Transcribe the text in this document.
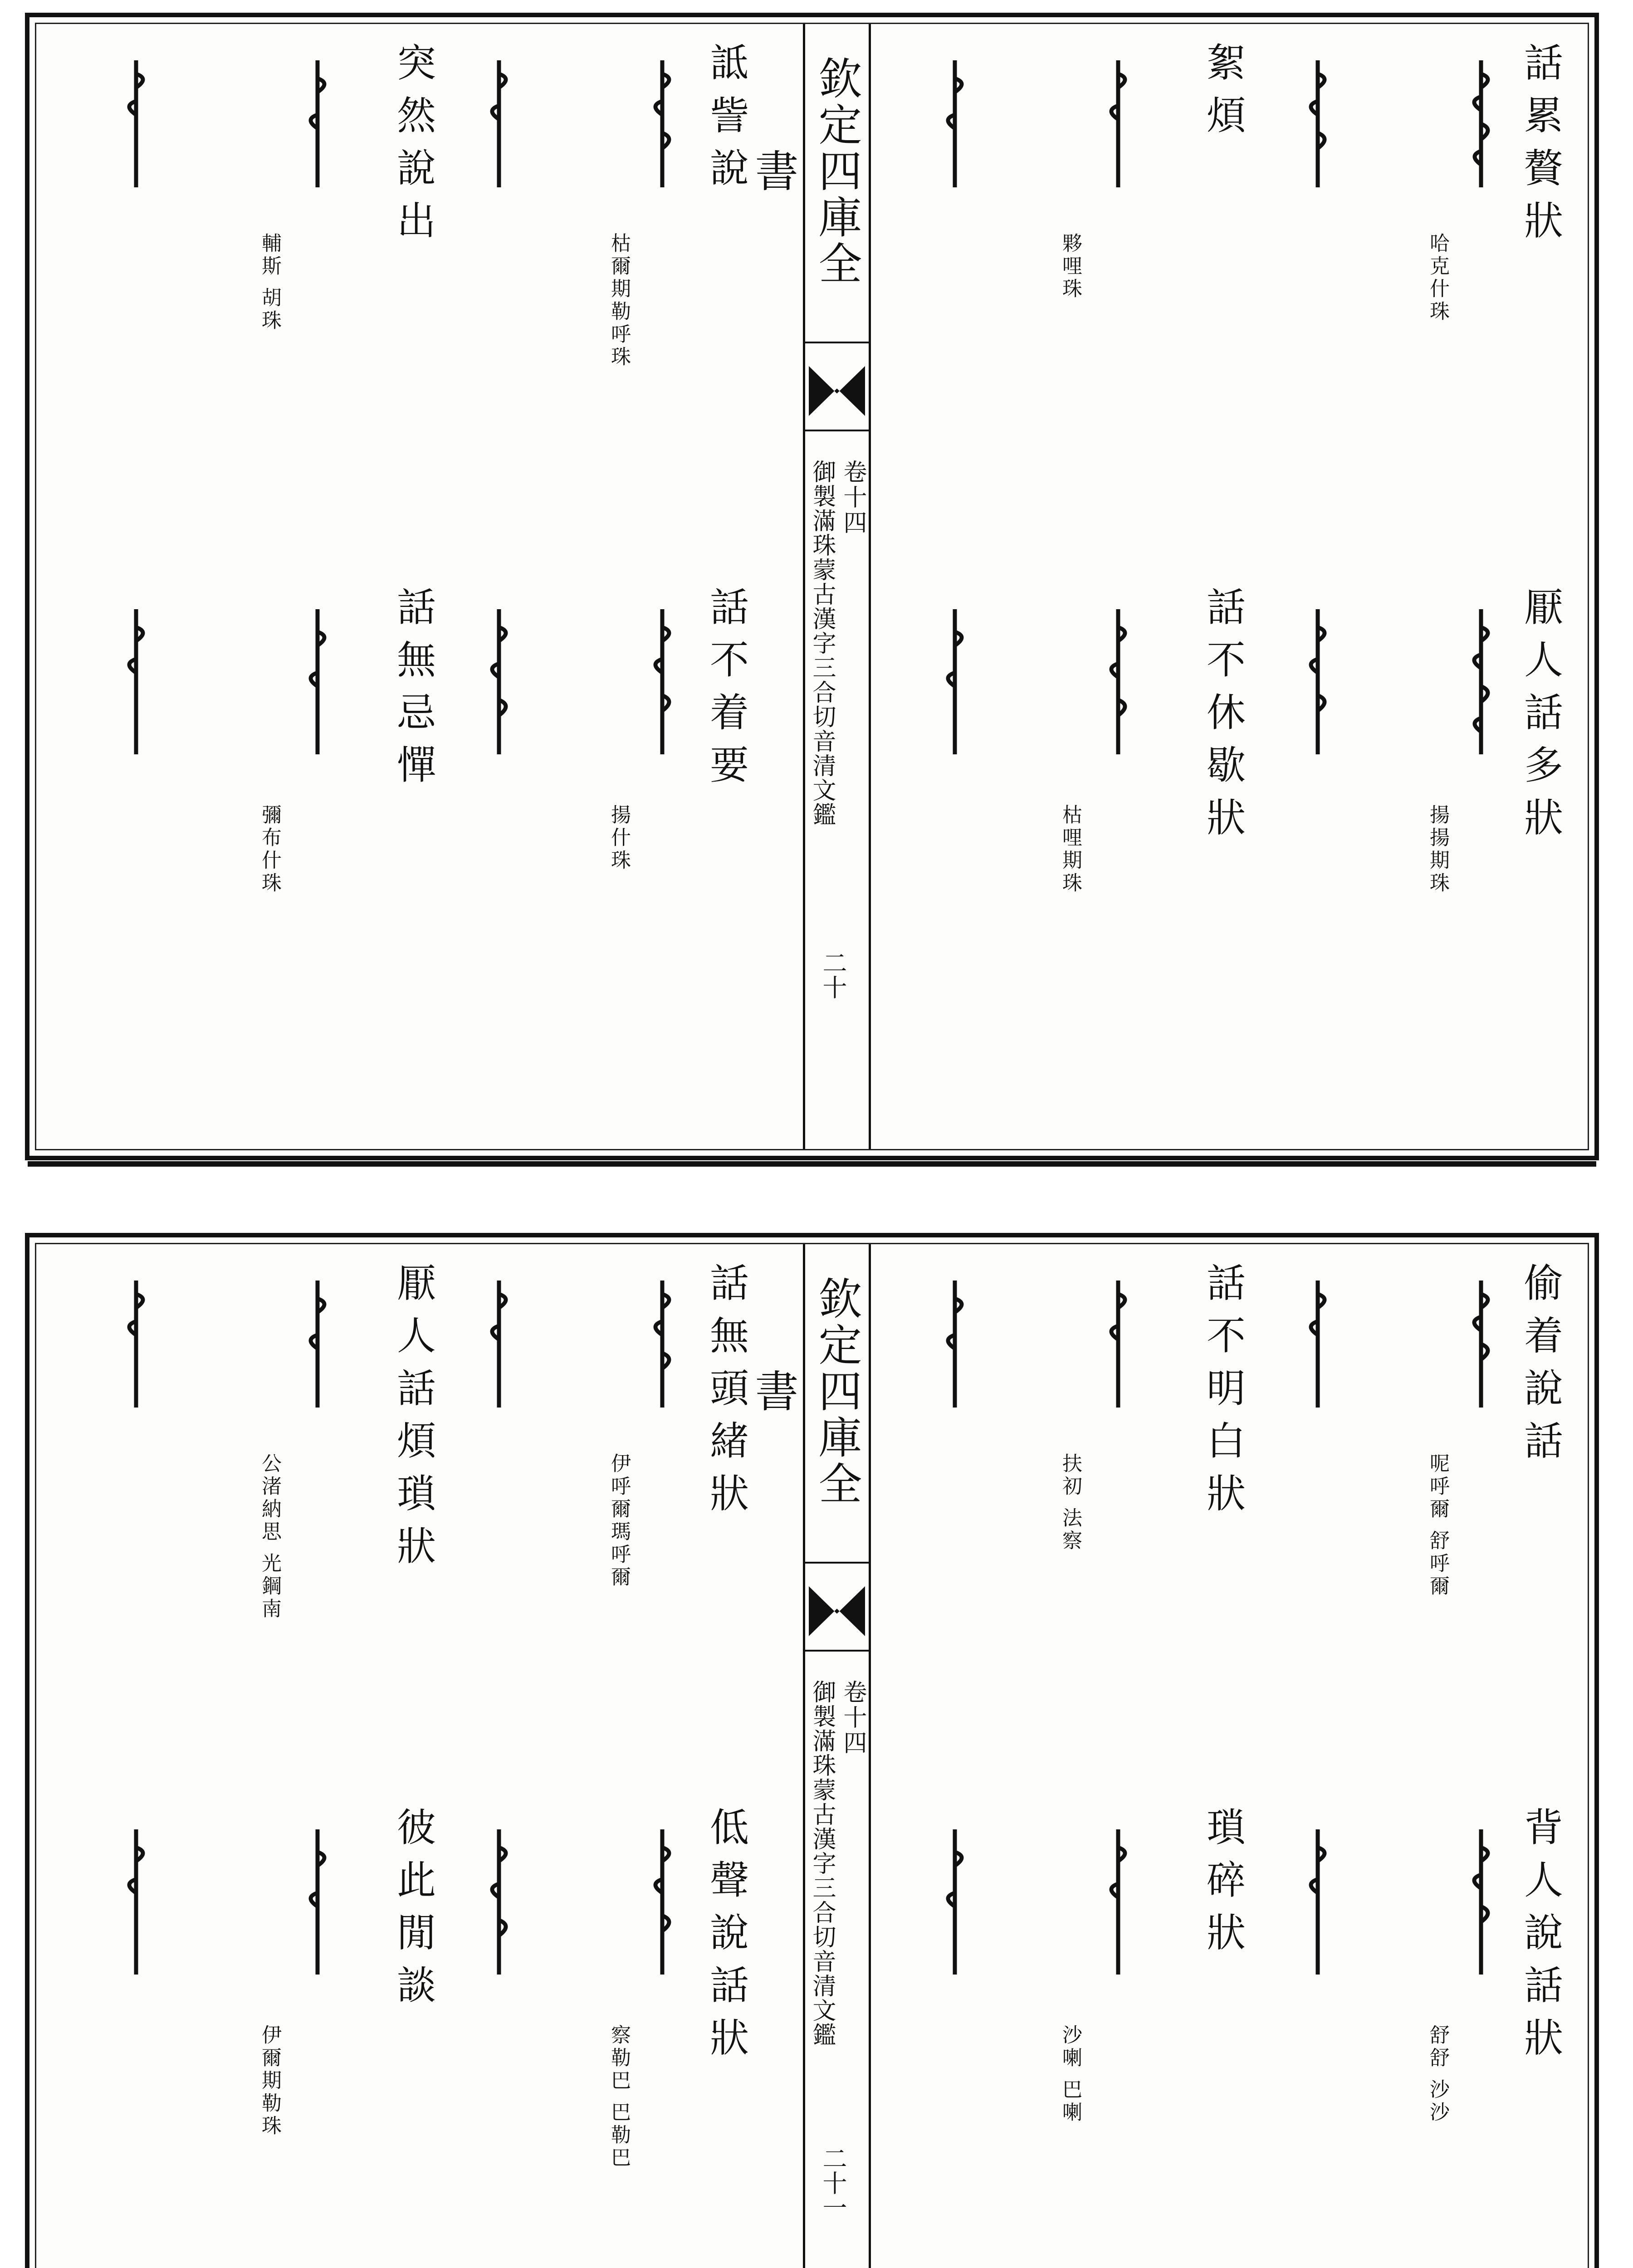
話累贅狀
厭人話多狀
絮煩
話不休歇狀
哈克什珠
揚揚期珠
夥哩珠
枯哩期珠
欽定四庫全書
卷十四
御製滿珠蒙古漢字三合切音清文鑑
二十
詆訾說
話不着要
突然說出
話無忌憚
枯爾期勒呼珠
揚什珠
輔斯 胡珠
彌布什珠
偷着說話
背人說話狀
話不明白狀
瑣碎狀
呢呼爾 舒呼爾
舒舒 沙沙
扶初 法察
沙喇 巴喇
欽定四庫全書
卷十四
御製滿珠蒙古漢字三合切音清文鑑
二十一
話無頭緒狀
低聲說話狀
厭人話煩瑣狀
彼此閒談
伊呼爾瑪呼爾
察勒巴 巴勒巴
公渚納思 光鋼南
伊爾期勒珠
